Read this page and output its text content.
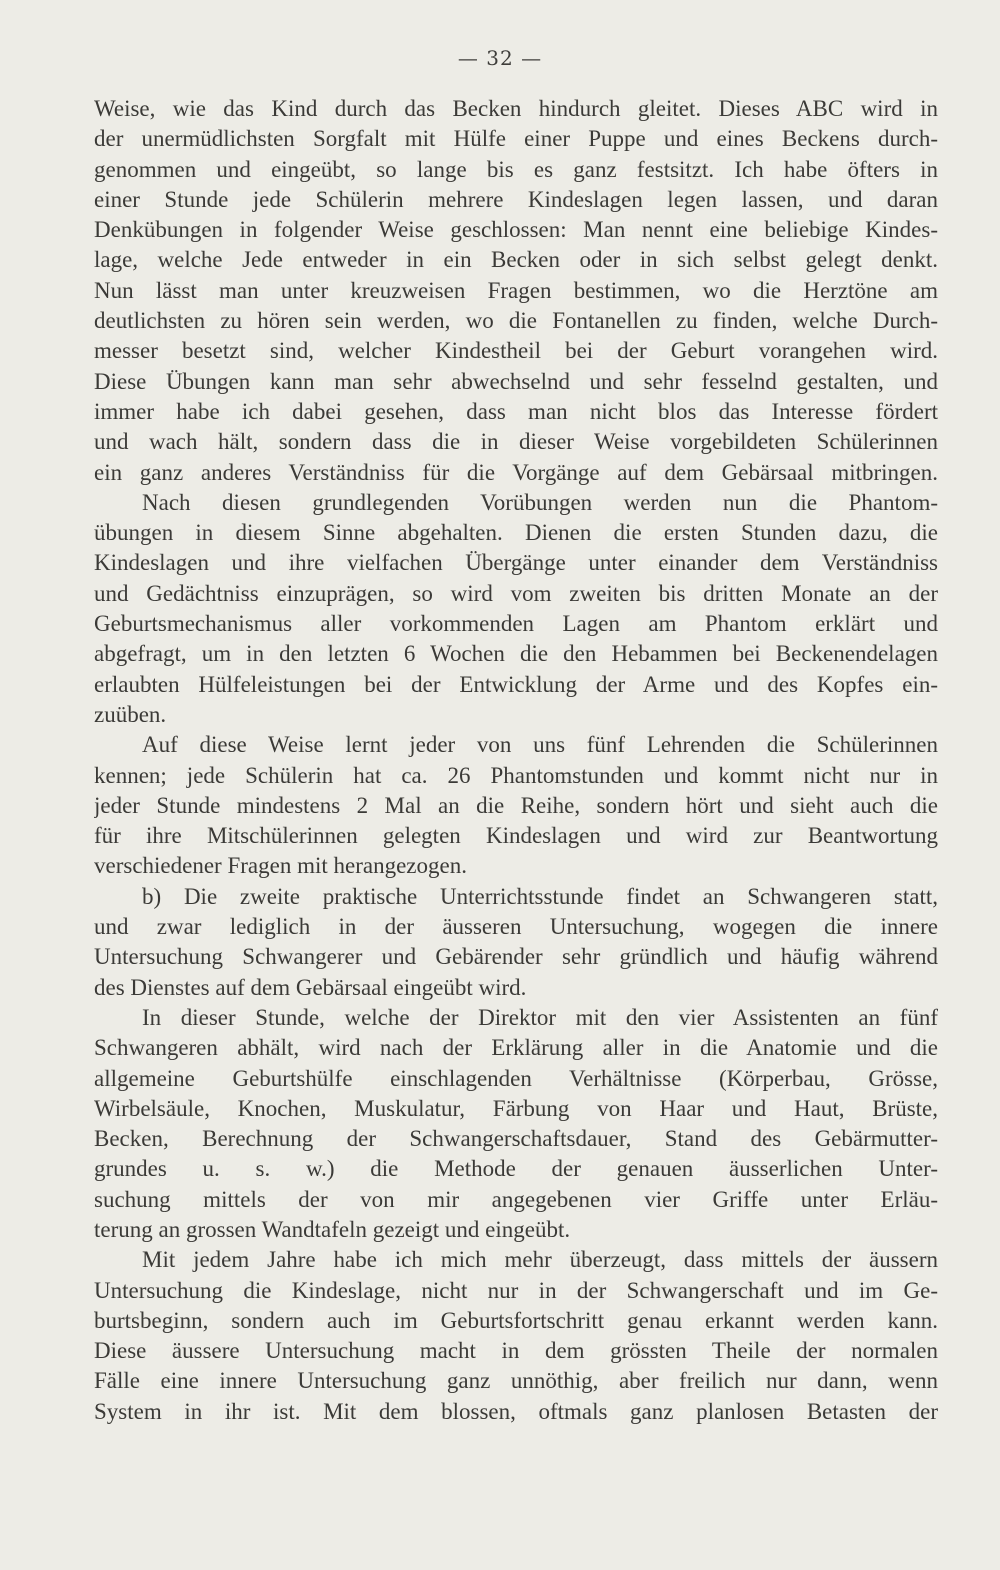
— 32 —
Weise, wie das Kind durch das Becken hindurch gleitet. Dieses ABC wird in
der unermüdlichsten Sorgfalt mit Hülfe einer Puppe und eines Beckens durch-
genommen und eingeübt, so lange bis es ganz festsitzt. Ich habe öfters in
einer Stunde jede Schülerin mehrere Kindeslagen legen lassen, und daran
Denkübungen in folgender Weise geschlossen: Man nennt eine beliebige Kindes-
lage, welche Jede entweder in ein Becken oder in sich selbst gelegt denkt.
Nun lässt man unter kreuzweisen Fragen bestimmen, wo die Herztöne am
deutlichsten zu hören sein werden, wo die Fontanellen zu finden, welche Durch-
messer besetzt sind, welcher Kindestheil bei der Geburt vorangehen wird.
Diese Übungen kann man sehr abwechselnd und sehr fesselnd gestalten, und
immer habe ich dabei gesehen, dass man nicht blos das Interesse fördert
und wach hält, sondern dass die in dieser Weise vorgebildeten Schülerinnen
ein ganz anderes Verständniss für die Vorgänge auf dem Gebärsaal mitbringen.
Nach diesen grundlegenden Vorübungen werden nun die Phantom-
übungen in diesem Sinne abgehalten. Dienen die ersten Stunden dazu, die
Kindeslagen und ihre vielfachen Übergänge unter einander dem Verständniss
und Gedächtniss einzuprägen, so wird vom zweiten bis dritten Monate an der
Geburtsmechanismus aller vorkommenden Lagen am Phantom erklärt und
abgefragt, um in den letzten 6 Wochen die den Hebammen bei Beckenendelagen
erlaubten Hülfeleistungen bei der Entwicklung der Arme und des Kopfes ein-
zuüben.
Auf diese Weise lernt jeder von uns fünf Lehrenden die Schülerinnen
kennen; jede Schülerin hat ca. 26 Phantomstunden und kommt nicht nur in
jeder Stunde mindestens 2 Mal an die Reihe, sondern hört und sieht auch die
für ihre Mitschülerinnen gelegten Kindeslagen und wird zur Beantwortung
verschiedener Fragen mit herangezogen.
b) Die zweite praktische Unterrichtsstunde findet an Schwangeren statt,
und zwar lediglich in der äusseren Untersuchung, wogegen die innere
Untersuchung Schwangerer und Gebärender sehr gründlich und häufig während
des Dienstes auf dem Gebärsaal eingeübt wird.
In dieser Stunde, welche der Direktor mit den vier Assistenten an fünf
Schwangeren abhält, wird nach der Erklärung aller in die Anatomie und die
allgemeine Geburtshülfe einschlagenden Verhältnisse (Körperbau, Grösse,
Wirbelsäule, Knochen, Muskulatur, Färbung von Haar und Haut, Brüste,
Becken, Berechnung der Schwangerschaftsdauer, Stand des Gebärmutter-
grundes u. s. w.) die Methode der genauen äusserlichen Unter-
suchung mittels der von mir angegebenen vier Griffe unter Erläu-
terung an grossen Wandtafeln gezeigt und eingeübt.
Mit jedem Jahre habe ich mich mehr überzeugt, dass mittels der äussern
Untersuchung die Kindeslage, nicht nur in der Schwangerschaft und im Ge-
burtsbeginn, sondern auch im Geburtsfortschritt genau erkannt werden kann.
Diese äussere Untersuchung macht in dem grössten Theile der normalen
Fälle eine innere Untersuchung ganz unnöthig, aber freilich nur dann, wenn
System in ihr ist. Mit dem blossen, oftmals ganz planlosen Betasten der
